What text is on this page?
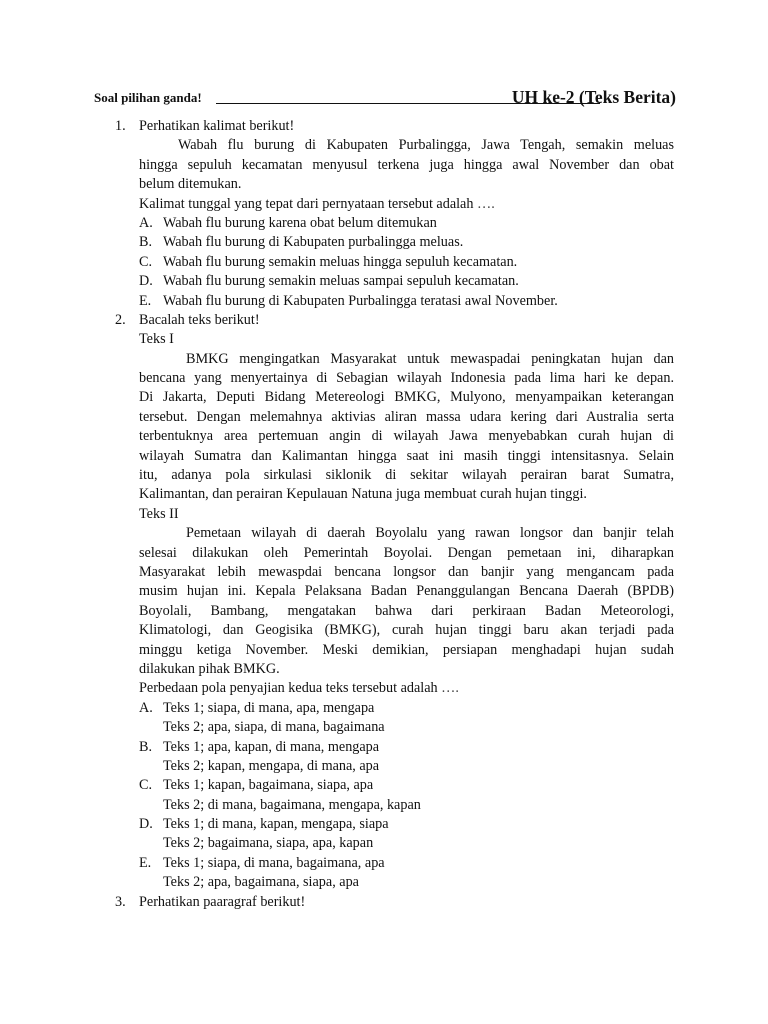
Soal pilihan ganda!	UH ke-2 (Teks Berita)
1. Perhatikan kalimat berikut!
Wabah flu burung di Kabupaten Purbalingga, Jawa Tengah, semakin meluas
hingga sepuluh kecamatan menyusul terkena juga hingga awal November dan obat
belum ditemukan.
Kalimat tunggal yang tepat dari pernyataan tersebut adalah ….
A. Wabah flu burung karena obat belum ditemukan
B. Wabah flu burung di Kabupaten purbalingga meluas.
C. Wabah flu burung semakin meluas hingga sepuluh kecamatan.
D. Wabah flu burung semakin meluas sampai sepuluh kecamatan.
E. Wabah flu burung di Kabupaten Purbalingga teratasi awal November.
2. Bacalah teks berikut!
Teks I
BMKG mengingatkan Masyarakat untuk mewaspadai peningkatan hujan dan
bencana yang menyertainya di Sebagian wilayah Indonesia pada lima hari ke depan.
Di Jakarta, Deputi Bidang Metereologi BMKG, Mulyono, menyampaikan keterangan
tersebut. Dengan melemahnya aktivias aliran massa udara kering dari Australia serta
terbentuknya area pertemuan angin di wilayah Jawa menyebabkan curah hujan di
wilayah Sumatra dan Kalimantan hingga saat ini masih tinggi intensitasnya. Selain
itu, adanya pola sirkulasi siklonik di sekitar wilayah perairan barat Sumatra,
Kalimantan, dan perairan Kepulauan Natuna juga membuat curah hujan tinggi.
Teks II
Pemetaan wilayah di daerah Boyolalu yang rawan longsor dan banjir telah
selesai dilakukan oleh Pemerintah Boyolai. Dengan pemetaan ini, diharapkan
Masyarakat lebih mewaspdai bencana longsor dan banjir yang mengancam pada
musim hujan ini. Kepala Pelaksana Badan Penanggulangan Bencana Daerah (BPDB)
Boyolali, Bambang, mengatakan bahwa dari perkiraan Badan Meteorologi,
Klimatologi, dan Geogisika (BMKG), curah hujan tinggi baru akan terjadi pada
minggu ketiga November. Meski demikian, persiapan menghadapi hujan sudah
dilakukan pihak BMKG.
Perbedaan pola penyajian kedua teks tersebut adalah ….
A. Teks 1; siapa, di mana, apa, mengapa
Teks 2; apa, siapa, di mana, bagaimana
B. Teks 1; apa, kapan, di mana, mengapa
Teks 2; kapan, mengapa, di mana, apa
C. Teks 1; kapan, bagaimana, siapa, apa
Teks 2; di mana, bagaimana, mengapa, kapan
D. Teks 1; di mana, kapan, mengapa, siapa
Teks 2; bagaimana, siapa, apa, kapan
E. Teks 1; siapa, di mana, bagaimana, apa
Teks 2; apa, bagaimana, siapa, apa
3. Perhatikan paaragraf berikut!
